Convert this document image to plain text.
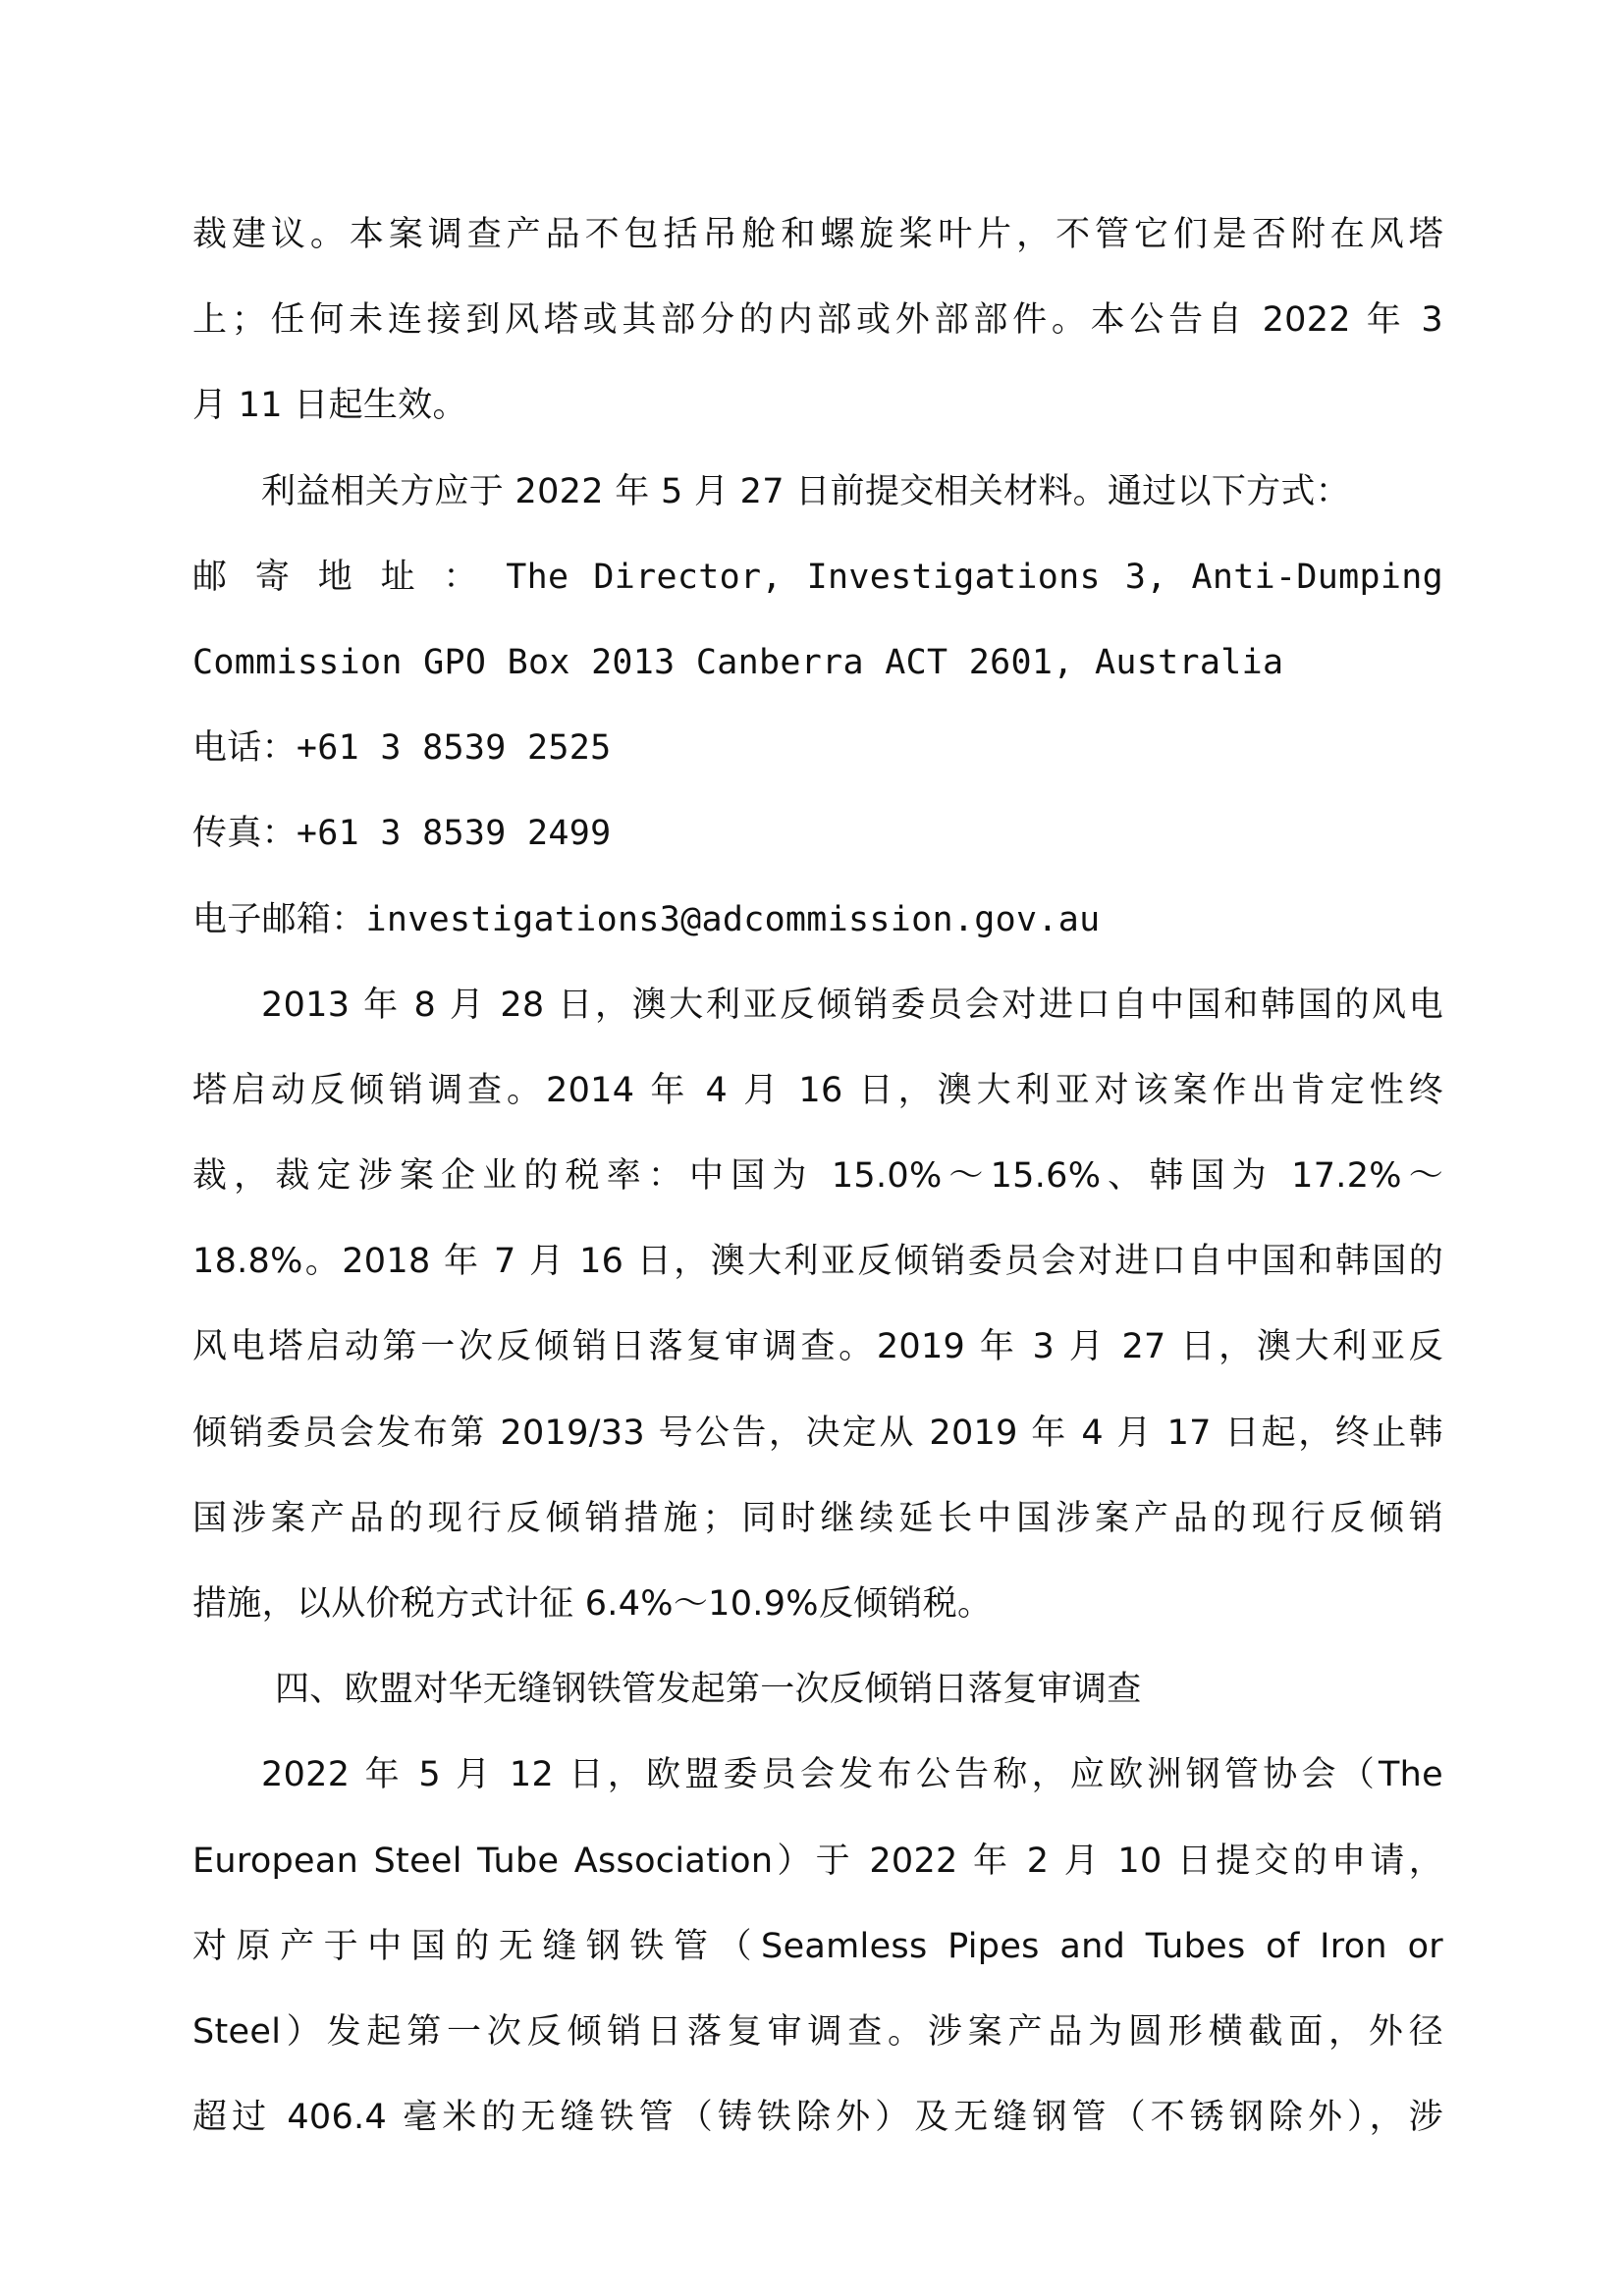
裁建议。本案调查产品不包括吊舱和螺旋桨叶片，不管它们是否附在风塔
上；任何未连接到风塔或其部分的内部或外部部件。本公告自 2022 年 3
月 11 日起生效。
利益相关方应于 2022 年 5 月 27 日前提交相关材料。通过以下方式：
邮 寄 地 址 ： The Director, Investigations 3, Anti-Dumping
Commission GPO Box 2013 Canberra ACT 2601, Australia
电话：+61 3 8539 2525
传真：+61 3 8539 2499
电子邮箱：investigations3@adcommission.gov.au
2013 年 8 月 28 日，澳大利亚反倾销委员会对进口自中国和韩国的风电
塔启动反倾销调查。2014 年 4 月 16 日，澳大利亚对该案作出肯定性终
裁，裁定涉案企业的税率：中国为 15.0%～15.6%、韩国为 17.2%～
18.8%。2018 年 7 月 16 日，澳大利亚反倾销委员会对进口自中国和韩国的
风电塔启动第一次反倾销日落复审调查。2019 年 3 月 27 日，澳大利亚反
倾销委员会发布第 2019/33 号公告，决定从 2019 年 4 月 17 日起，终止韩
国涉案产品的现行反倾销措施；同时继续延长中国涉案产品的现行反倾销
措施，以从价税方式计征 6.4%～10.9%反倾销税。
四、欧盟对华无缝钢铁管发起第一次反倾销日落复审调查
2022 年 5 月 12 日，欧盟委员会发布公告称，应欧洲钢管协会（The
European Steel Tube Association）于 2022 年 2 月 10 日提交的申请，
对原产于中国的无缝钢铁管（Seamless Pipes and Tubes of Iron or
Steel）发起第一次反倾销日落复审调查。涉案产品为圆形横截面，外径
超过 406.4 毫米的无缝铁管（铸铁除外）及无缝钢管（不锈钢除外），涉
